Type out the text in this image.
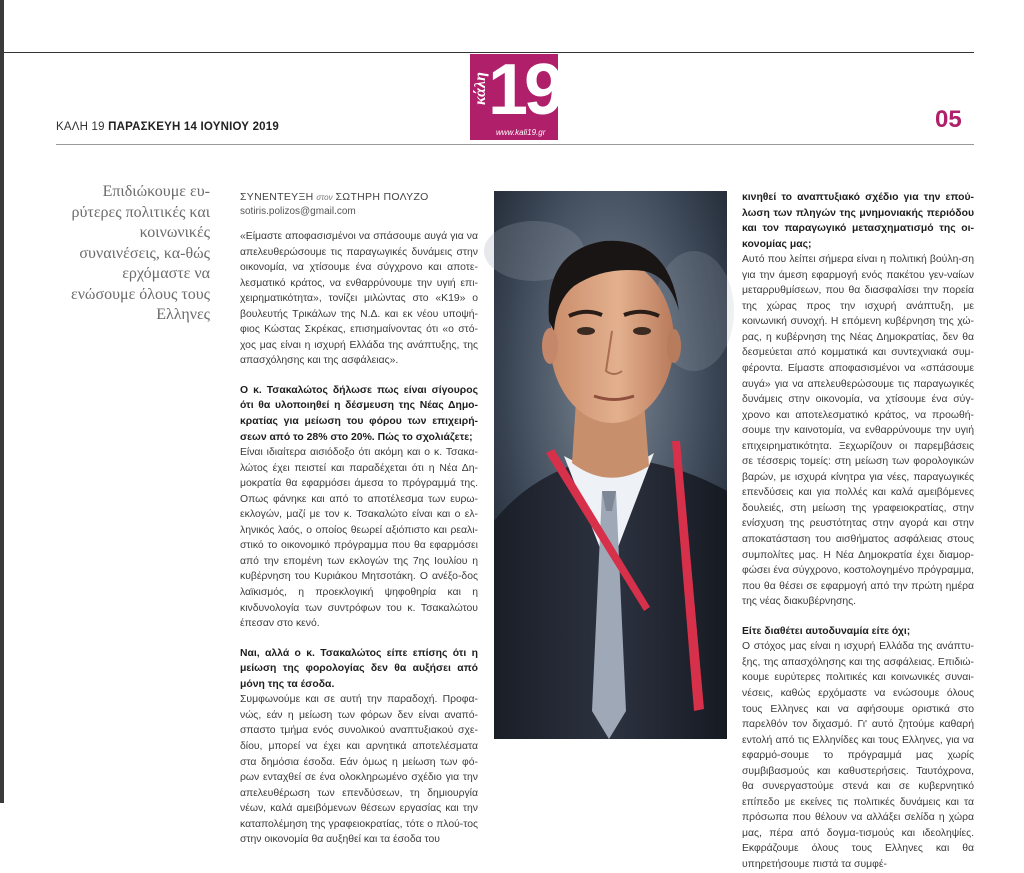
κάλη 19
www.kali19.gr
ΚΑΛΗ 19 ΠΑΡΑΣΚΕΥΗ 14 ΙΟΥΝΙΟΥ 2019	05
Επιδιώκουμε ευ-ρύτερες πολιτικές και κοινωνικές συναινέσεις, κα-θώς ερχόμαστε να ενώσουμε όλους τους Ελληνες
ΣΥΝΕΝΤΕΥΞΗ στον ΣΩΤΗΡΗ ΠΟΛΥΖΟ
sotiris.polizos@gmail.com

«Είμαστε αποφασισμένοι να σπάσουμε αυγά για να απελευθερώσουμε τις παραγωγικές δυνάμεις στην οικονομία, να χτίσουμε ένα σύγχρονο και αποτε-λεσματικό κράτος, να ενθαρρύνουμε την υγιή επι-χειρηματικότητα», τονίζει μιλώντας στο «Κ19» ο βουλευτής Τρικάλων της Ν.Δ. και εκ νέου υποψή-φιος Κώστας Σκρέκας, επισημαίνοντας ότι «ο στό-χος μας είναι η ισχυρή Ελλάδα της ανάπτυξης, της απασχόλησης και της ασφάλειας».

Ο κ. Τσακαλώτος δήλωσε πως είναι σίγουρος ότι θα υλοποιηθεί η δέσμευση της Νέας Δημο-κρατίας για μείωση του φόρου των επιχειρή-σεων από το 28% στο 20%. Πώς το σχολιάζετε;

Είναι ιδιαίτερα αισιόδοξο ότι ακόμη και ο κ. Τσακα-λώτος έχει πειστεί και παραδέχεται ότι η Νέα Δη-μοκρατία θα εφαρμόσει άμεσα το πρόγραμμά της. Οπως φάνηκε και από το αποτέλεσμα των ευρω-εκλογών, μαζί με τον κ. Τσακαλώτο είναι και ο ελ-ληνικός λαός, ο οποίος θεωρεί αξιόπιστο και ρεαλι-στικό το οικονομικό πρόγραμμα που θα εφαρμόσει από την επομένη των εκλογών της 7ης Ιουλίου η κυβέρνηση του Κυριάκου Μητσοτάκη. Ο ανέξο-δος λαϊκισμός, η προεκλογική ψηφοθηρία και η κινδυνολογία των συντρόφων του κ. Τσακαλώτου έπεσαν στο κενό.

Ναι, αλλά ο κ. Τσακαλώτος είπε επίσης ότι η μείωση της φορολογίας δεν θα αυξήσει από μόνη της τα έσοδα.

Συμφωνούμε και σε αυτή την παραδοχή. Προφα-νώς, εάν η μείωση των φόρων δεν είναι αναπό-σπαστο τμήμα ενός συνολικού αναπτυξιακού σχε-δίου, μπορεί να έχει και αρνητικά αποτελέσματα στα δημόσια έσοδα. Εάν όμως η μείωση των φό-ρων ενταχθεί σε ένα ολοκληρωμένο σχέδιο για την απελευθέρωση των επενδύσεων, τη δημιουργία νέων, καλά αμειβόμενων θέσεων εργασίας και την καταπολέμηση της γραφειοκρατίας, τότε ο πλού-τος στην οικονομία θα αυξηθεί και τα έσοδα του

κινηθεί το αναπτυξιακό σχέδιο για την επού-λωση των πληγών της μνημονιακής περιόδου και τον παραγωγικό μετασχηματισμό της οι-κονομίας μας;

Αυτό που λείπει σήμερα είναι η πολιτική βούλη-ση για την άμεση εφαρμογή ενός πακέτου γεν-ναίων μεταρρυθμίσεων, που θα διασφαλίσει την πορεία της χώρας προς την ισχυρή ανάπτυξη, με κοινωνική συνοχή. Η επόμενη κυβέρνηση της χώ-ρας, η κυβέρνηση της Νέας Δημοκρατίας, δεν θα δεσμεύεται από κομματικά και συντεχνιακά συμ-φέροντα. Είμαστε αποφασισμένοι να «σπάσουμε αυγά» για να απελευθερώσουμε τις παραγωγικές δυνάμεις στην οικονομία, να χτίσουμε ένα σύγ-χρονο και αποτελεσματικό κράτος, να προωθή-σουμε την καινοτομία, να ενθαρρύνουμε την υγιή επιχειρηματικότητα. Ξεχωρίζουν οι παρεμβάσεις σε τέσσερις τομείς: στη μείωση των φορολογικών βαρών, με ισχυρά κίνητρα για νέες, παραγωγικές επενδύσεις και για πολλές και καλά αμειβόμενες δουλειές, στη μείωση της γραφειοκρατίας, στην ενίσχυση της ρευστότητας στην αγορά και στην αποκατάσταση του αισθήματος ασφάλειας στους συμπολίτες μας. Η Νέα Δημοκρατία έχει διαμορ-φώσει ένα σύγχρονο, κοστολογημένο πρόγραμμα, που θα θέσει σε εφαρμογή από την πρώτη ημέρα της νέας διακυβέρνησης.

Είτε διαθέτει αυτοδυναμία είτε όχι;

Ο στόχος μας είναι η ισχυρή Ελλάδα της ανάπτυ-ξης, της απασχόλησης και της ασφάλειας. Επιδιώ-κουμε ευρύτερες πολιτικές και κοινωνικές συναι-νέσεις, καθώς ερχόμαστε να ενώσουμε όλους τους Ελληνες και να αφήσουμε οριστικά στο παρελθόν τον διχασμό. Γι' αυτό ζητούμε καθαρή εντολή από τις Ελληνίδες και τους Ελληνες, για να εφαρμό-σουμε το πρόγραμμά μας χωρίς συμβιβασμούς και καθυστερήσεις. Ταυτόχρονα, θα συνεργαστούμε στενά και σε κυβερνητικό επίπεδο με εκείνες τις πολιτικές δυνάμεις και τα πρόσωπα που θέλουν να αλλάξει σελίδα η χώρα μας, πέρα από δογμα-τισμούς και ιδεοληψίες. Εκφράζουμε όλους τους Ελληνες και θα υπηρετήσουμε πιστά τα συμφέ-
